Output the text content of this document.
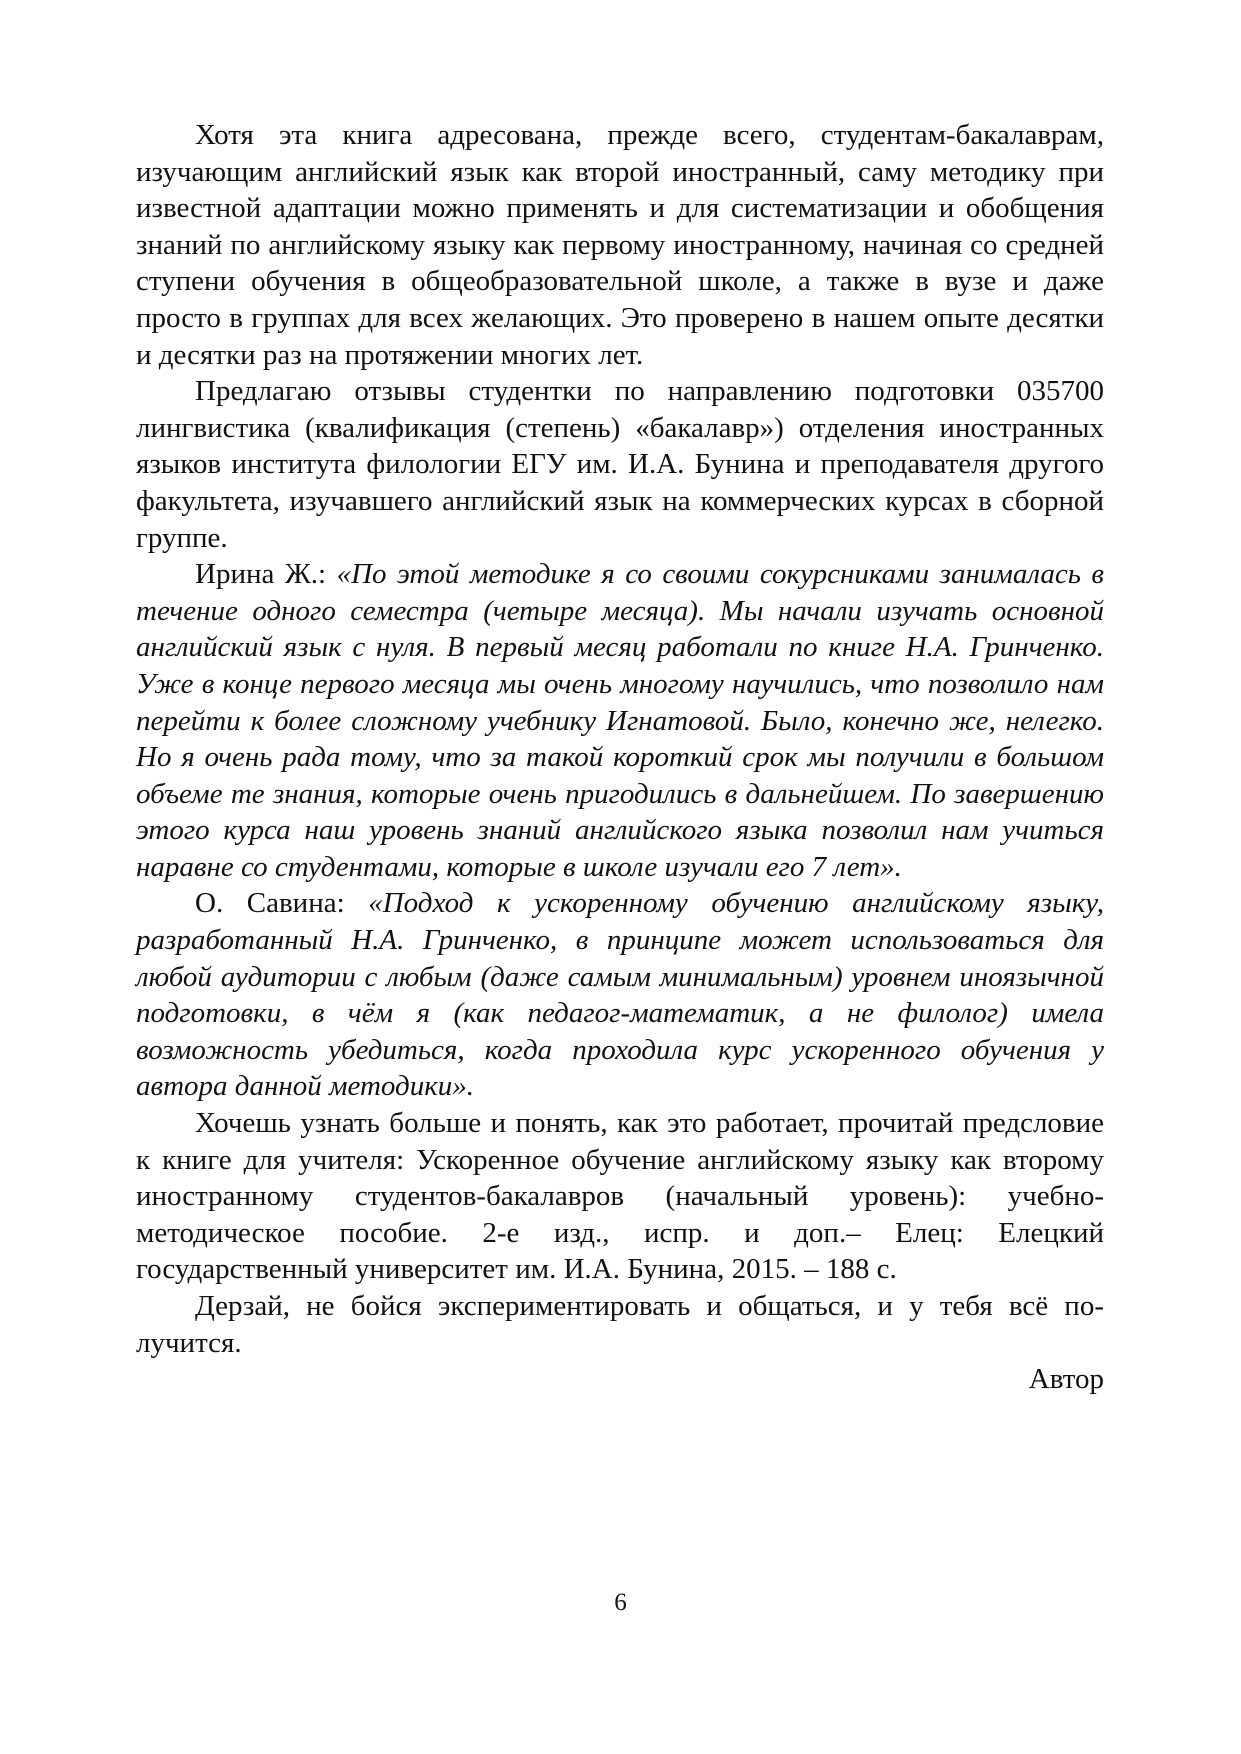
Хотя эта книга адресована, прежде всего, студентам-бакалаврам, изучающим английский язык как второй иностранный, саму методику при известной адаптации можно применять и для систематизации и обобщения знаний по английскому языку как первому иностранному, начиная со средней ступени обучения в общеобразовательной школе, а также в вузе и даже просто в группах для всех желающих. Это проверено в нашем опыте десятки и десятки раз на протяжении многих лет.

Предлагаю отзывы студентки по направлению подготовки 035700 лингвистика (квалификация (степень) «бакалавр») отделения иностранных языков института филологии ЕГУ им. И.А. Бунина и преподавателя другого факультета, изучавшего английский язык на коммерческих курсах в сборной группе.

Ирина Ж.: «По этой методике я со своими сокурсниками занималась в течение одного семестра (четыре месяца). Мы начали изучать основной английский язык с нуля. В первый месяц работали по книге Н.А. Гринченко. Уже в конце первого месяца мы очень многому научились, что позволило нам перейти к более сложному учебнику Игнатовой. Было, конечно же, нелегко. Но я очень рада тому, что за такой короткий срок мы получили в большом объеме те знания, которые очень пригодились в дальнейшем. По завершению этого курса наш уровень знаний английского языка позволил нам учиться наравне со студентами, которые в школе изучали его 7 лет».

О. Савина: «Подход к ускоренному обучению английскому языку, разработанный Н.А. Гринченко, в принципе может использоваться для любой аудитории с любым (даже самым минимальным) уровнем иноязычной подготовки, в чём я (как педагог-математик, а не филолог) имела возможность убедиться, когда проходила курс ускоренного обучения у автора данной методики».

Хочешь узнать больше и понять, как это работает, прочитай предсловие к книге для учителя: Ускоренное обучение английскому языку как второму иностранному студентов-бакалавров (начальный уровень): учебно-методическое пособие. 2-е изд., испр. и доп.– Елец: Елецкий государственный университет им. И.А. Бунина, 2015. – 188 с.

Дерзай, не бойся экспериментировать и общаться, и у тебя всё получится.

Автор

6
